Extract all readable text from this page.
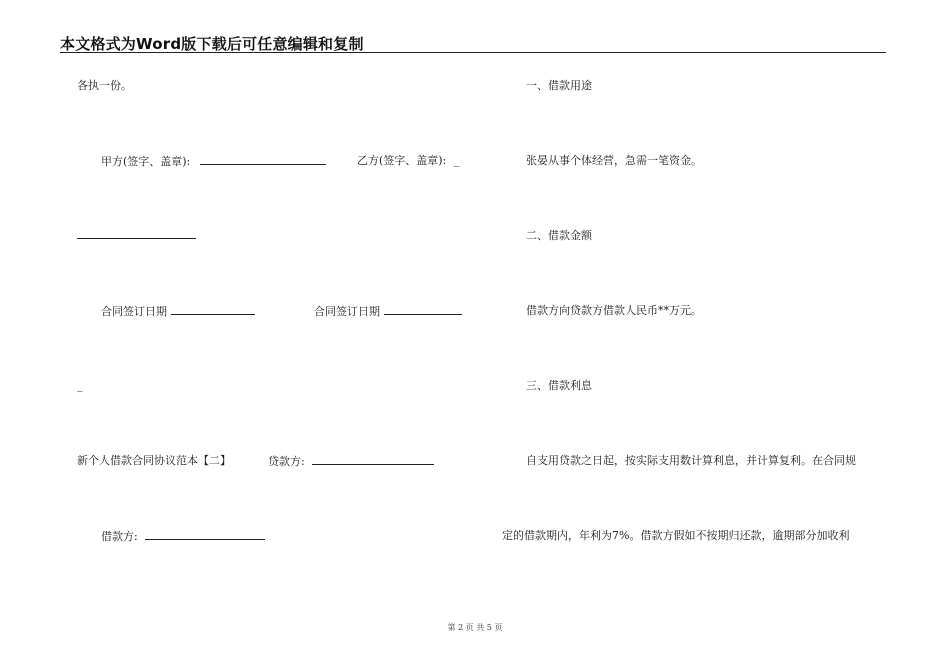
本文格式为Word版下载后可任意编辑和复制
各执一份。
甲方(签字、盖章):	乙方(签字、盖章): _
合同签订日期	合同签订日期
_
新个人借款合同协议范本【二】	贷款方:
借款方:
一、借款用途
张晏从事个体经营，急需一笔资金。
二、借款金额
借款方向贷款方借款人民币**万元。
三、借款利息
自支用贷款之日起，按实际支用数计算利息，并计算复利。在合同规
定的借款期内，年利为7%。借款方假如不按期归还款，逾期部分加收利
第 2 页 共 5 页
